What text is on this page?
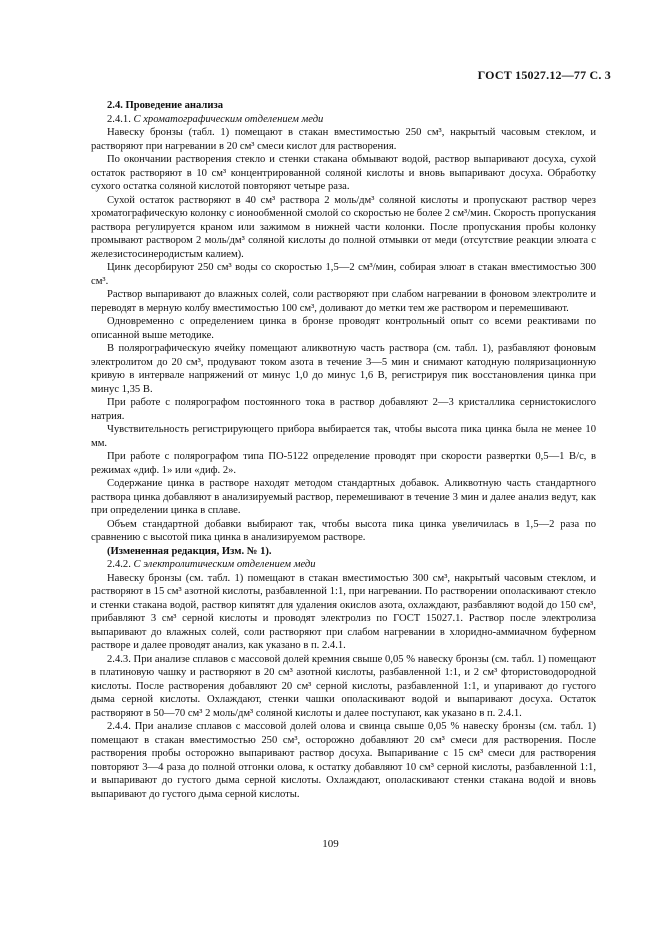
ГОСТ 15027.12—77 С. 3

2.4. Проведение анализа

2.4.1. С хроматографическим отделением меди

Навеску бронзы (табл. 1) помещают в стакан вместимостью 250 см³, накрытый часовым стеклом, и растворяют при нагревании в 20 см³ смеси кислот для растворения.

По окончании растворения стекло и стенки стакана обмывают водой, раствор выпаривают досуха, сухой остаток растворяют в 10 см³ концентрированной соляной кислоты и вновь выпаривают досуха. Обработку сухого остатка соляной кислотой повторяют четыре раза.

Сухой остаток растворяют в 40 см³ раствора 2 моль/дм³ соляной кислоты и пропускают раствор через хроматографическую колонку с ионообменной смолой со скоростью не более 2 см³/мин. Скорость пропускания раствора регулируется краном или зажимом в нижней части колонки. После пропускания пробы колонку промывают раствором 2 моль/дм³ соляной кислоты до полной отмывки от меди (отсутствие реакции элюата с железистосинеродистым калием).

Цинк десорбируют 250 см³ воды со скоростью 1,5—2 см³/мин, собирая элюат в стакан вместимостью 300 см³.

Раствор выпаривают до влажных солей, соли растворяют при слабом нагревании в фоновом электролите и переводят в мерную колбу вместимостью 100 см³, доливают до метки тем же раствором и перемешивают.

Одновременно с определением цинка в бронзе проводят контрольный опыт со всеми реактивами по описанной выше методике.

В полярографическую ячейку помещают аликвотную часть раствора (см. табл. 1), разбавляют фоновым электролитом до 20 см³, продувают током азота в течение 3—5 мин и снимают катодную поляризационную кривую в интервале напряжений от минус 1,0 до минус 1,6 В, регистрируя пик восстановления цинка при минус 1,35 В.

При работе с полярографом постоянного тока в раствор добавляют 2—3 кристаллика сернистокислого натрия.

Чувствительность регистрирующего прибора выбирается так, чтобы высота пика цинка была не менее 10 мм.

При работе с полярографом типа ПО-5122 определение проводят при скорости развертки 0,5—1 В/с, в режимах «диф. 1» или «диф. 2».

Содержание цинка в растворе находят методом стандартных добавок. Аликвотную часть стандартного раствора цинка добавляют в анализируемый раствор, перемешивают в течение 3 мин и далее анализ ведут, как при определении цинка в сплаве.

Объем стандартной добавки выбирают так, чтобы высота пика цинка увеличилась в 1,5—2 раза по сравнению с высотой пика цинка в анализируемом растворе.

(Измененная редакция, Изм. № 1).

2.4.2. С электролитическим отделением меди

Навеску бронзы (см. табл. 1) помещают в стакан вместимостью 300 см³, накрытый часовым стеклом, и растворяют в 15 см³ азотной кислоты, разбавленной 1:1, при нагревании. По растворении ополаскивают стекло и стенки стакана водой, раствор кипятят для удаления окислов азота, охлаждают, разбавляют водой до 150 см³, прибавляют 3 см³ серной кислоты и проводят электролиз по ГОСТ 15027.1. Раствор после электролиза выпаривают до влажных солей, соли растворяют при слабом нагревании в хлоридно-аммиачном буферном растворе и далее проводят анализ, как указано в п. 2.4.1.

2.4.3. При анализе сплавов с массовой долей кремния свыше 0,05 % навеску бронзы (см. табл. 1) помещают в платиновую чашку и растворяют в 20 см³ азотной кислоты, разбавленной 1:1, и 2 см³ фтористоводородной кислоты. После растворения добавляют 20 см³ серной кислоты, разбавленной 1:1, и упаривают до густого дыма серной кислоты. Охлаждают, стенки чашки ополаскивают водой и выпаривают досуха. Остаток растворяют в 50—70 см³ 2 моль/дм³ соляной кислоты и далее поступают, как указано в п. 2.4.1.

2.4.4. При анализе сплавов с массовой долей олова и свинца свыше 0,05 % навеску бронзы (см. табл. 1) помещают в стакан вместимостью 250 см³, осторожно добавляют 20 см³ смеси для растворения. После растворения пробы осторожно выпаривают раствор досуха. Выпаривание с 15 см³ смеси для растворения повторяют 3—4 раза до полной отгонки олова, к остатку добавляют 10 см³ серной кислоты, разбавленной 1:1, и выпаривают до густого дыма серной кислоты. Охлаждают, ополаскивают стенки стакана водой и вновь выпаривают до густого дыма серной кислоты.

109
